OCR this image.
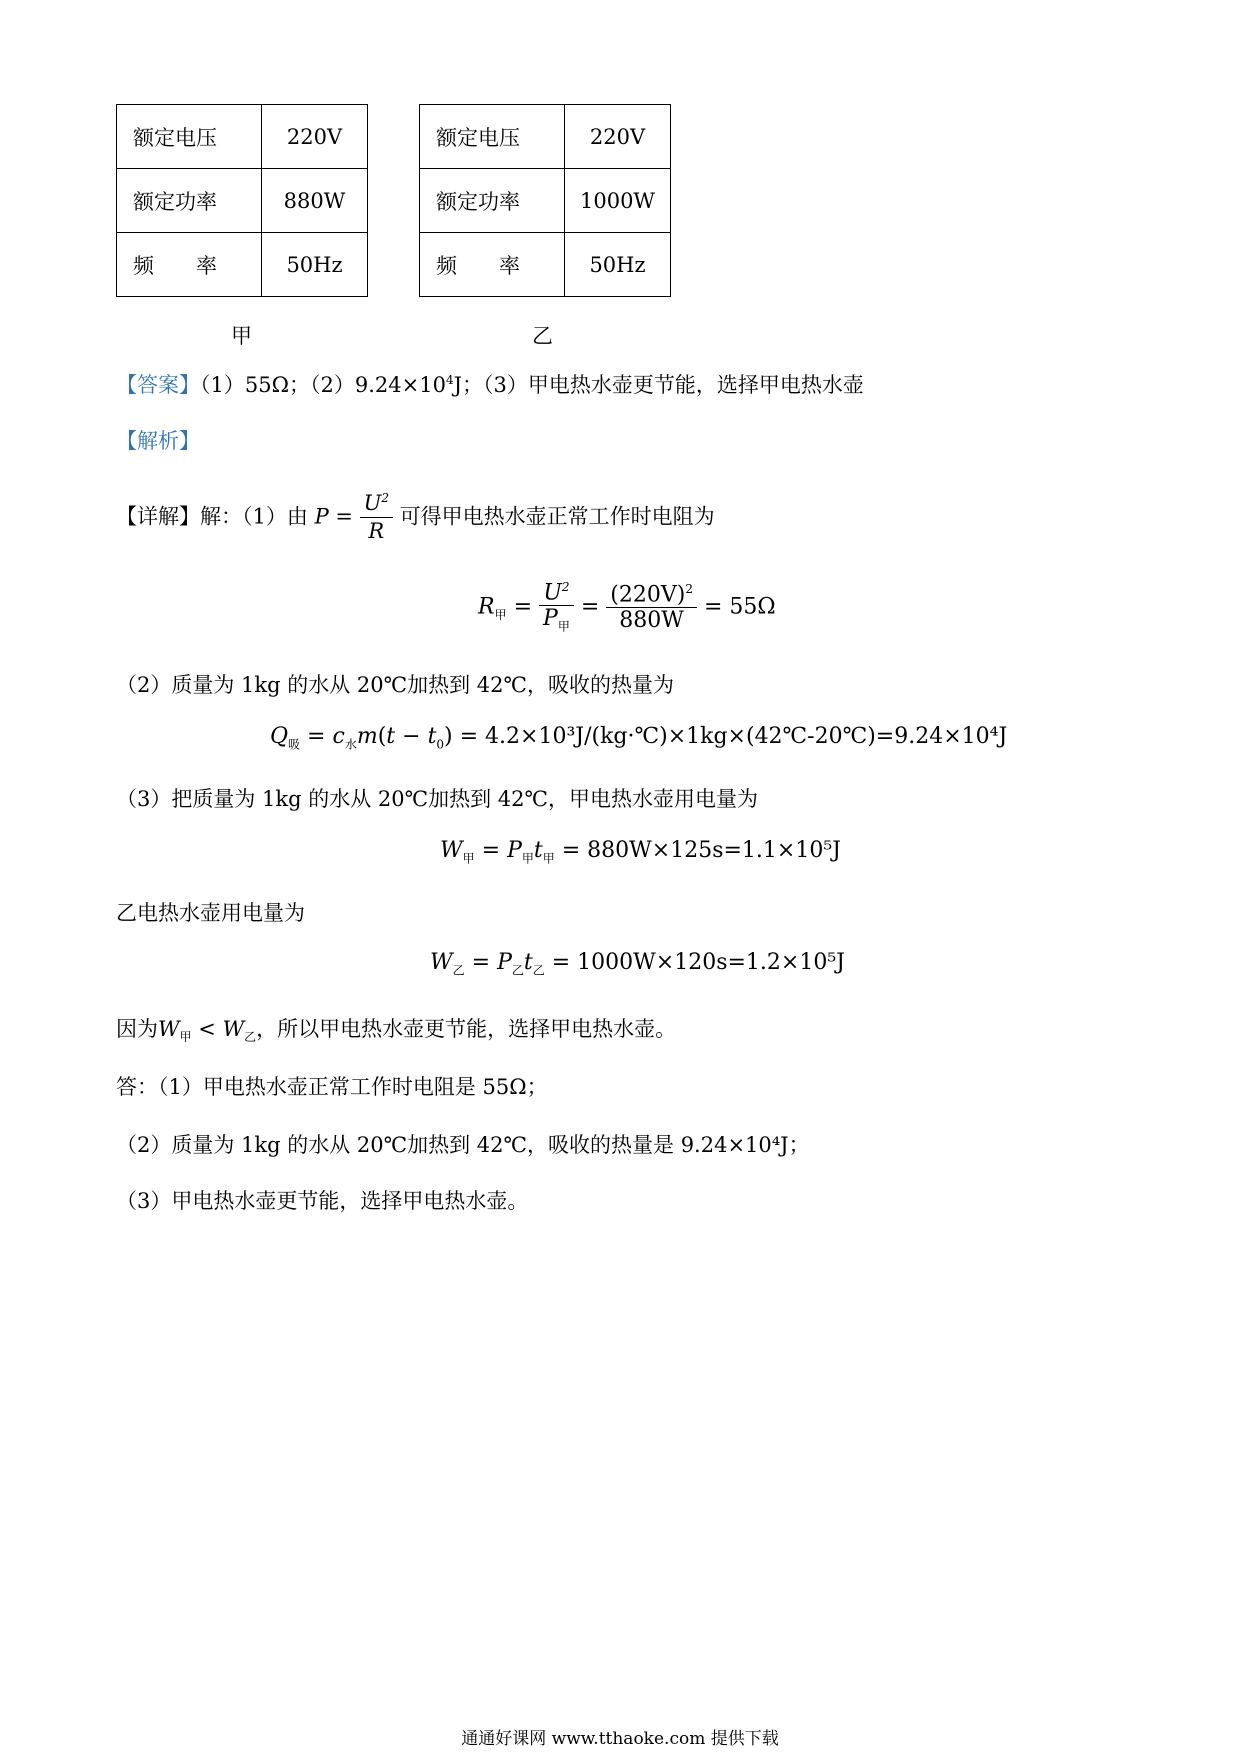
额定电压	220V
额定功率	880W
频　　率	50Hz
甲
额定电压	220V
额定功率	1000W
频　　率	50Hz
乙
【答案】（1）55Ω；$(2)9.24\times 10^4J$；（3）甲电热水壶更节能，选择甲电热水壶
【解析】
【详解】解：（1）由 $P = \frac{U^2}{R}$ 可得甲电热水壶正常工作时电阻为
$R_甲 = \frac{U^2}{P_甲} = \frac{(220V)^2}{880W} = 55\Omega$
（2）质量为 1kg 的水从 20℃加热到 42℃，吸收的热量为
$Q_吸 = c_水m(t - t_0)$ = 4.2×10³J/(kg·℃)×1kg×(42℃-20℃)=9.24×10⁴J
（3）把质量为 1kg 的水从 20℃加热到 42℃，甲电热水壶用电量为
$W_甲 = P_甲t_甲 = 880W\times 125s=1.1\times 10^5J$
乙电热水壶用电量为
$W_乙 = P_乙t_乙 = 1000W\times 120s=1.2\times 10^5J$
因为$W_甲 < W_乙$，所以甲电热水壶更节能，选择甲电热水壶。
答：（1）甲电热水壶正常工作时电阻是 55Ω；
（2）质量为 1kg 的水从 20℃加热到 42℃，吸收的热量是 9.24×10⁴J；
（3）甲电热水壶更节能，选择甲电热水壶。
通通好课网 www.tthaoke.com 提供下载
